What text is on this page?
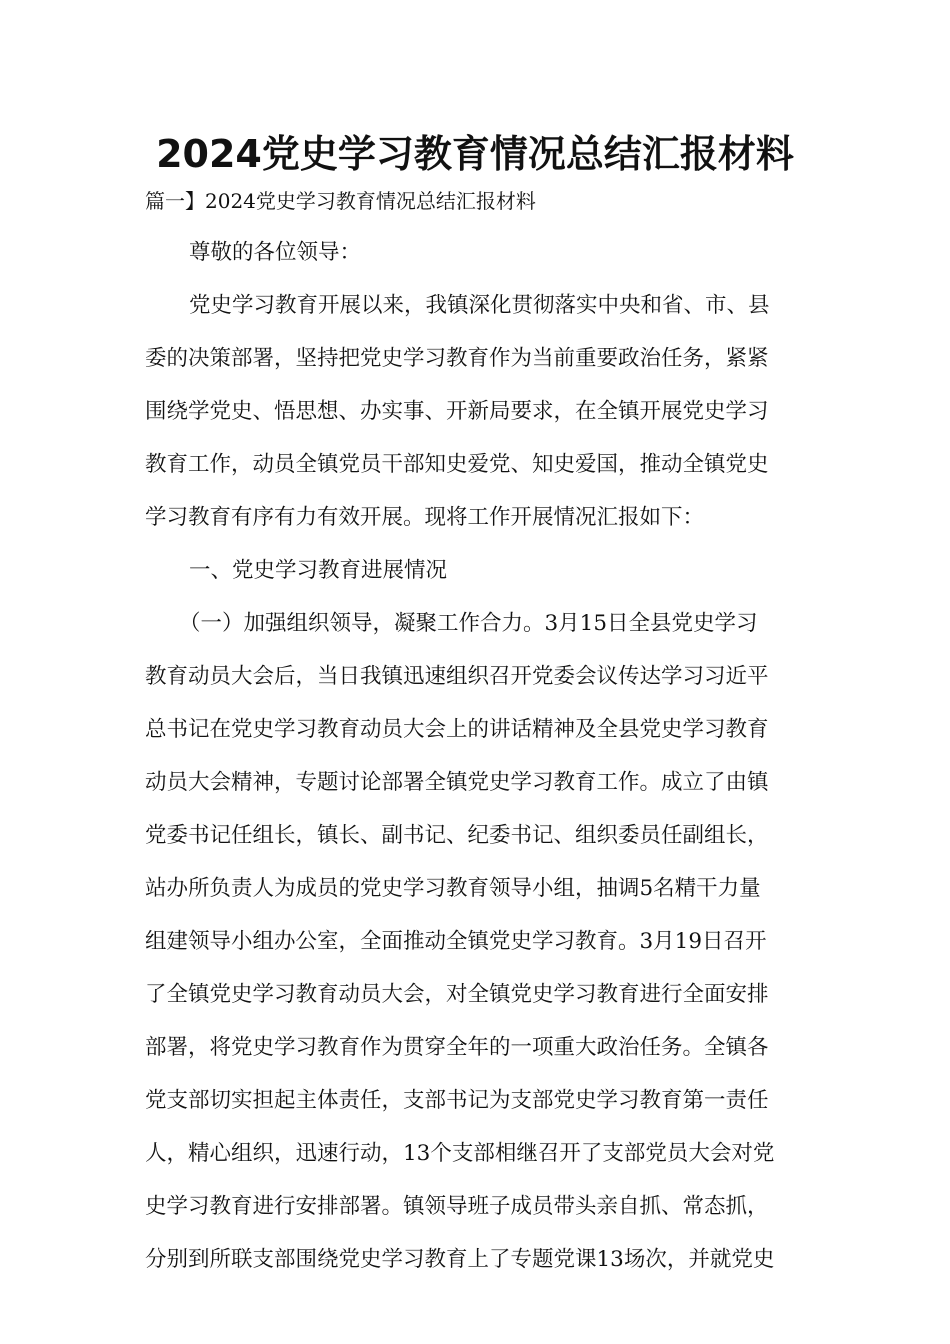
2024党史学习教育情况总结汇报材料
篇一】2024党史学习教育情况总结汇报材料
尊敬的各位领导：
党史学习教育开展以来，我镇深化贯彻落实中央和省、市、县
委的决策部署，坚持把党史学习教育作为当前重要政治任务，紧紧
围绕学党史、悟思想、办实事、开新局要求，在全镇开展党史学习
教育工作，动员全镇党员干部知史爱党、知史爱国，推动全镇党史
学习教育有序有力有效开展。现将工作开展情况汇报如下：
一、党史学习教育进展情况
（一）加强组织领导，凝聚工作合力。3月15日全县党史学习
教育动员大会后，当日我镇迅速组织召开党委会议传达学习习近平
总书记在党史学习教育动员大会上的讲话精神及全县党史学习教育
动员大会精神，专题讨论部署全镇党史学习教育工作。成立了由镇
党委书记任组长，镇长、副书记、纪委书记、组织委员任副组长，
站办所负责人为成员的党史学习教育领导小组，抽调5名精干力量
组建领导小组办公室，全面推动全镇党史学习教育。3月19日召开
了全镇党史学习教育动员大会，对全镇党史学习教育进行全面安排
部署，将党史学习教育作为贯穿全年的一项重大政治任务。全镇各
党支部切实担起主体责任，支部书记为支部党史学习教育第一责任
人，精心组织，迅速行动，13个支部相继召开了支部党员大会对党
史学习教育进行安排部署。镇领导班子成员带头亲自抓、常态抓，
分别到所联支部围绕党史学习教育上了专题党课13场次，并就党史
